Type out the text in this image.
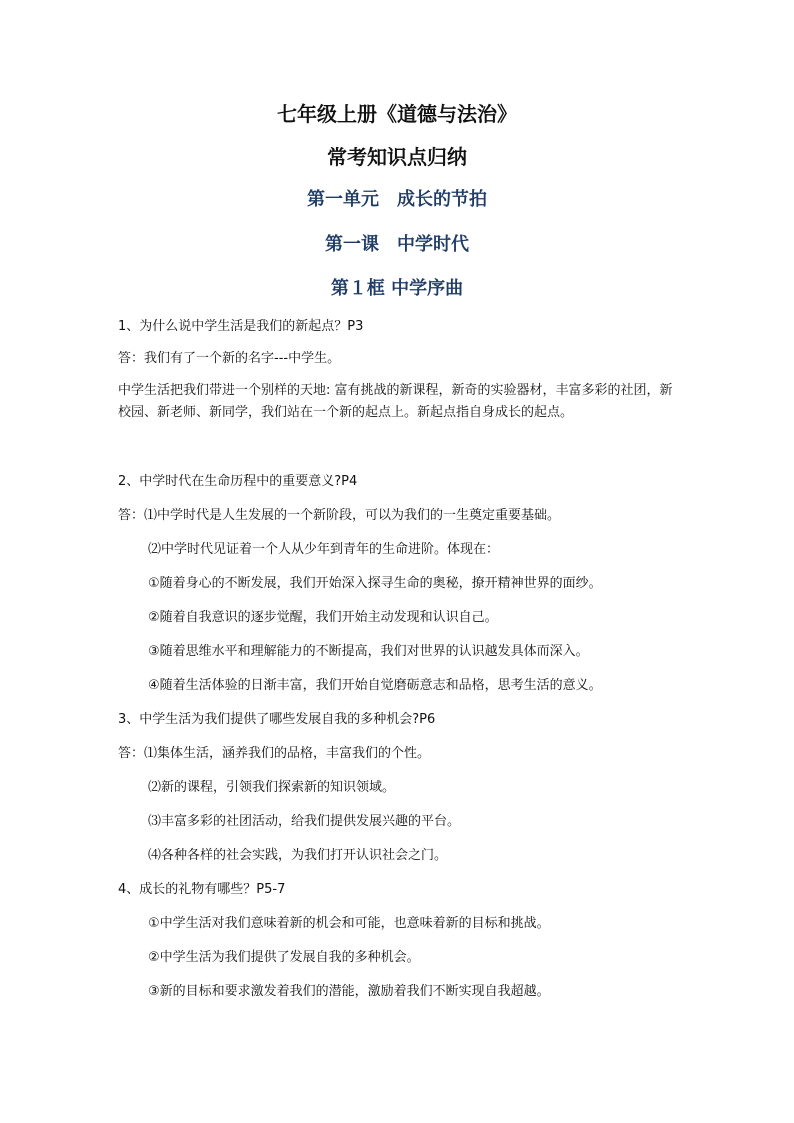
七年级上册《道德与法治》
常考知识点归纳
第一单元　成长的节拍
第一课　中学时代
第１框 中学序曲
1、为什么说中学生活是我们的新起点？P3
答：我们有了一个新的名字---中学生。
中学生活把我们带进一个别样的天地: 富有挑战的新课程，新奇的实验器材，丰富多彩的社团，新校园、新老师、新同学，我们站在一个新的起点上。新起点指自身成长的起点。
2、中学时代在生命历程中的重要意义?P4
答：⑴中学时代是人生发展的一个新阶段，可以为我们的一生奠定重要基础。
⑵中学时代见证着一个人从少年到青年的生命进阶。体现在：
①随着身心的不断发展，我们开始深入探寻生命的奥秘，撩开精神世界的面纱。
②随着自我意识的逐步觉醒，我们开始主动发现和认识自己。
③随着思维水平和理解能力的不断提高，我们对世界的认识越发具体而深入。
④随着生活体验的日渐丰富，我们开始自觉磨砺意志和品格，思考生活的意义。
3、中学生活为我们提供了哪些发展自我的多种机会?P6
答：⑴集体生活，涵养我们的品格，丰富我们的个性。
⑵新的课程，引领我们探索新的知识领域。
⑶丰富多彩的社团活动，给我们提供发展兴趣的平台。
⑷各种各样的社会实践，为我们打开认识社会之门。
4、成长的礼物有哪些？P5-7
①中学生活对我们意味着新的机会和可能，也意味着新的目标和挑战。
②中学生活为我们提供了发展自我的多种机会。
③新的目标和要求激发着我们的潜能，激励着我们不断实现自我超越。
